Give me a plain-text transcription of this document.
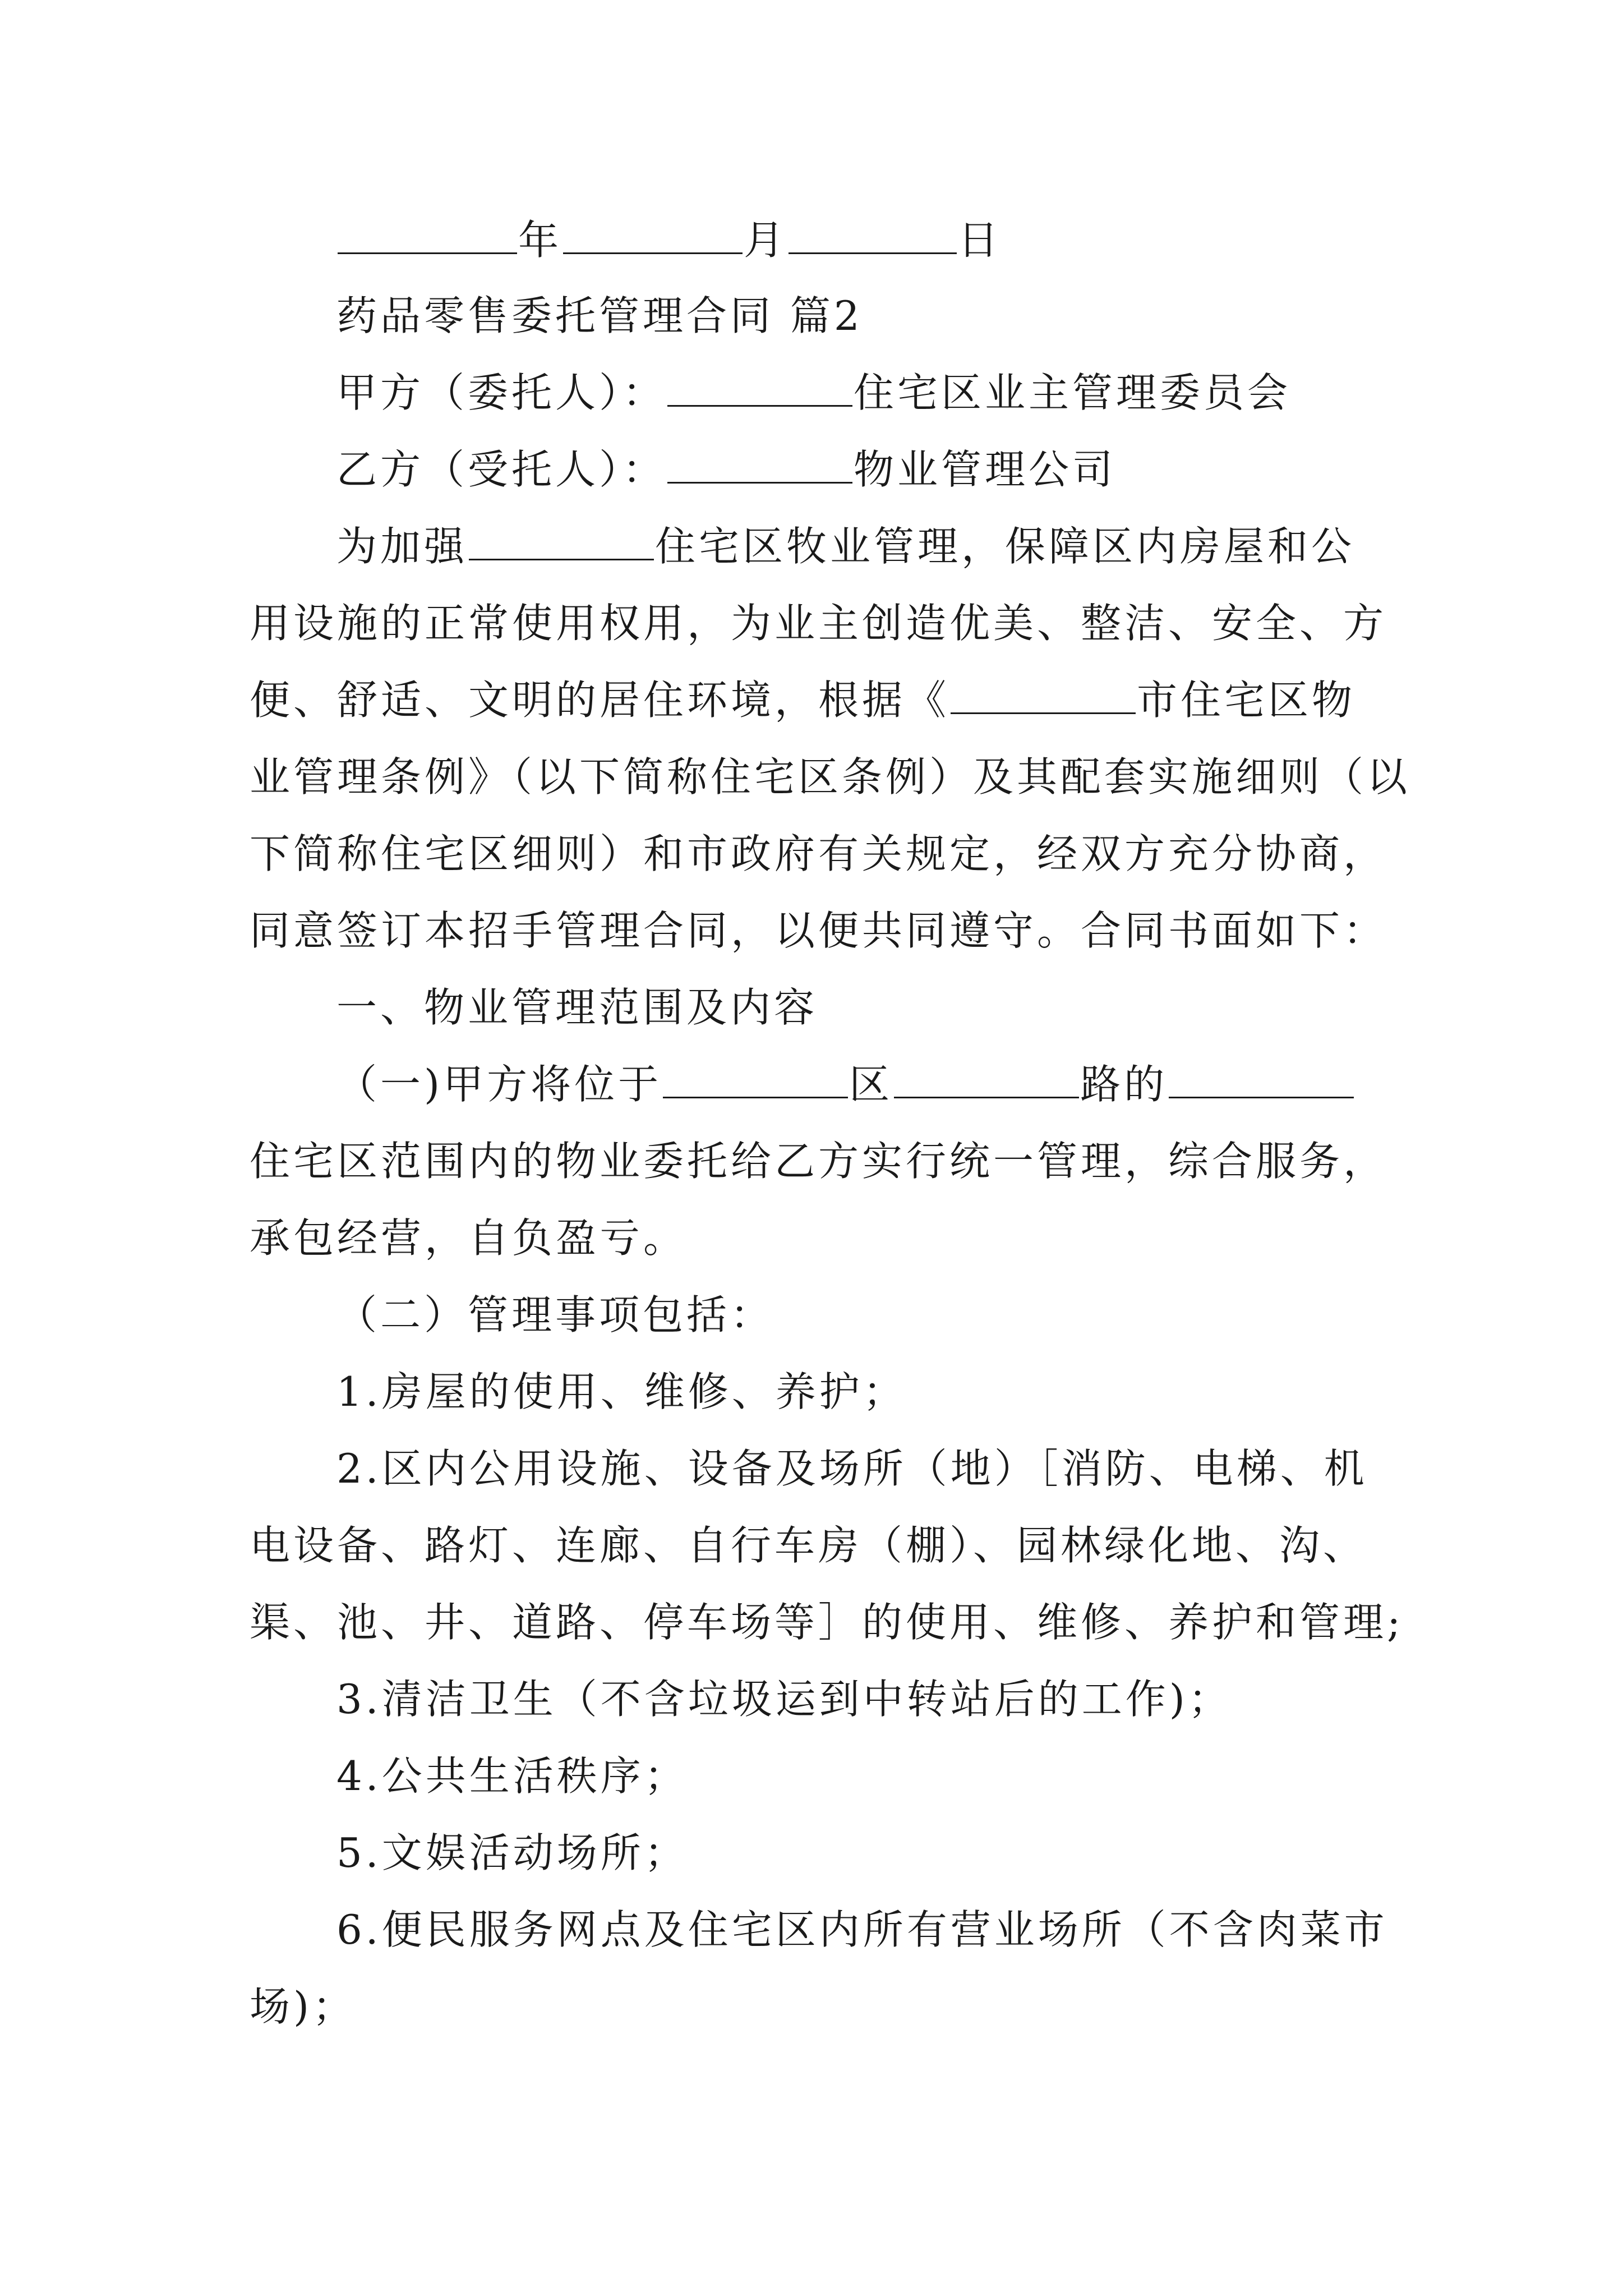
年	月	日
药品零售委托管理合同 篇2
甲方（委托人）：	住宅区业主管理委员会
乙方（受托人）：	物业管理公司
为加强	住宅区牧业管理，保障区内房屋和公
用设施的正常使用权用，为业主创造优美、整洁、安全、方
便、舒适、文明的居住环境，根据《	市住宅区物
业管理条例》（以下简称住宅区条例）及其配套实施细则（以
下简称住宅区细则）和市政府有关规定，经双方充分协商，
同意签订本招手管理合同，以便共同遵守。合同书面如下：
一、物业管理范围及内容
（一)甲方将位于	区	路的
住宅区范围内的物业委托给乙方实行统一管理，综合服务，
承包经营，自负盈亏。
（二）管理事项包括：
1.房屋的使用、维修、养护；
2.区内公用设施、设备及场所（地）［消防、电梯、机
电设备、路灯、连廊、自行车房（棚）、园林绿化地、沟、
渠、池、井、道路、停车场等］的使用、维修、养护和管理;
3.清洁卫生（不含垃圾运到中转站后的工作)；
4.公共生活秩序；
5.文娱活动场所；
6.便民服务网点及住宅区内所有营业场所（不含肉菜市
场)；
